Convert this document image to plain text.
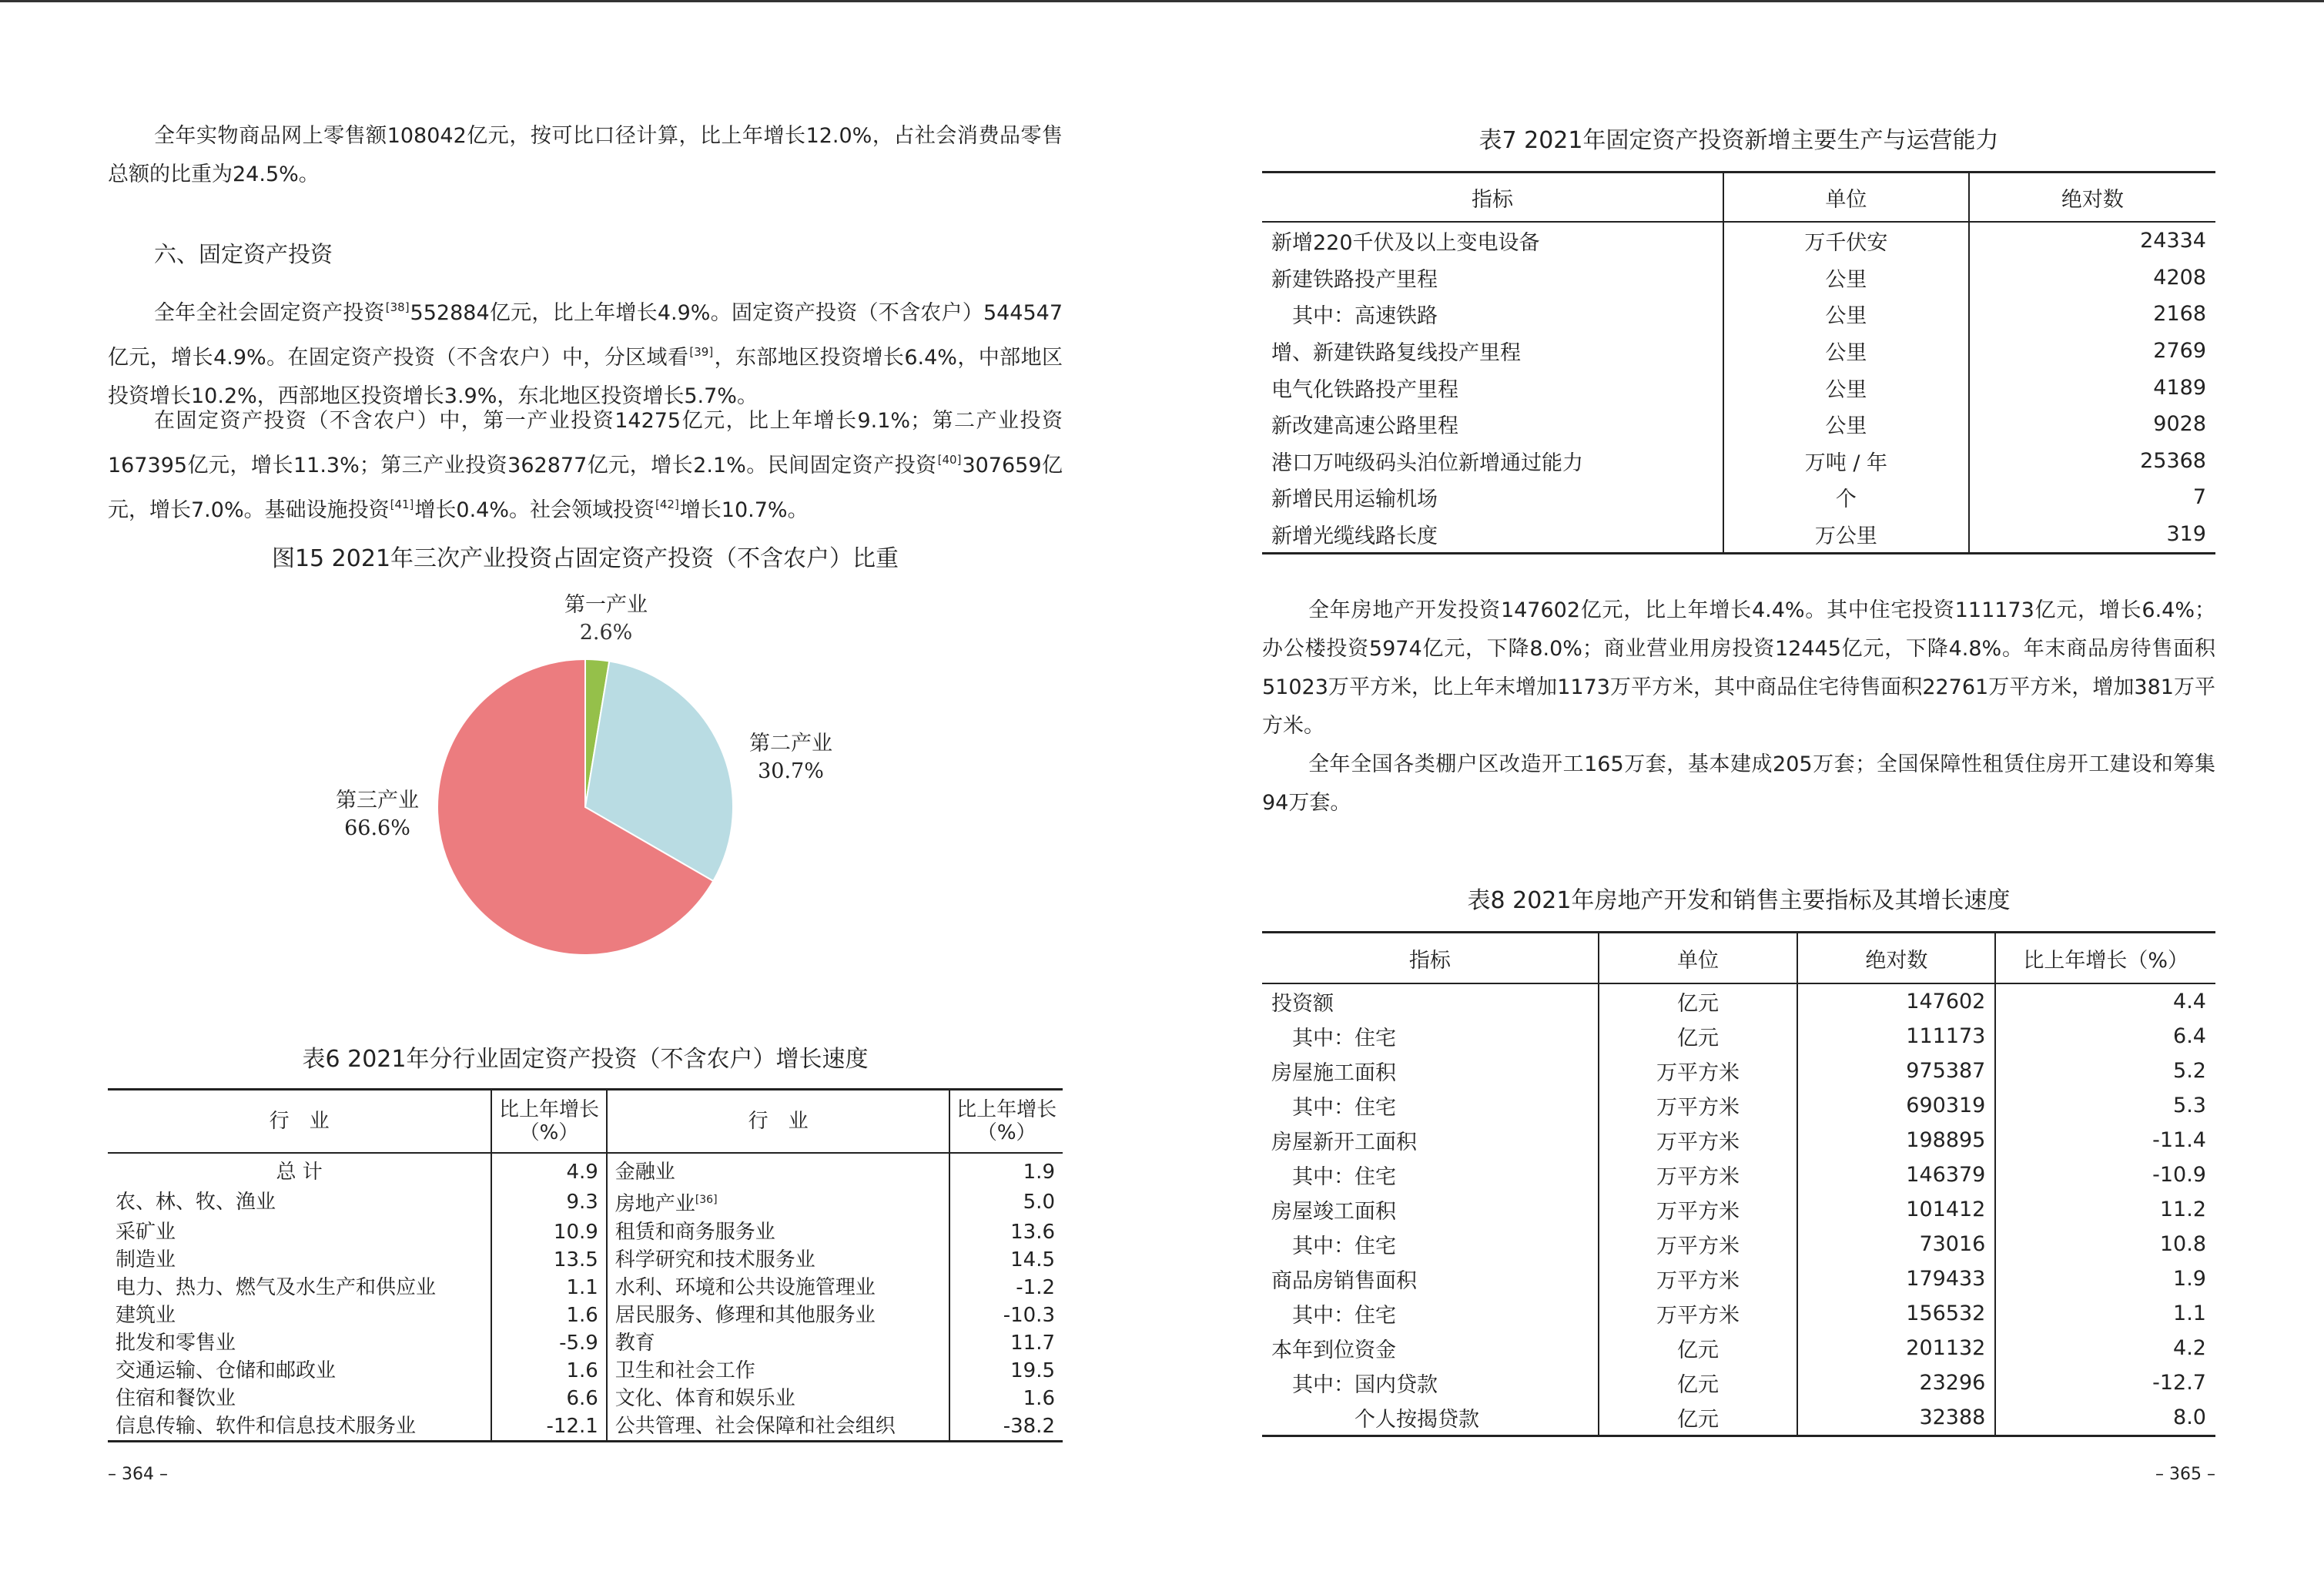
全年实物商品网上零售额108042亿元，按可比口径计算，比上年增长12.0%，占社会消费品零售总额的比重为24.5%。

六、固定资产投资

全年全社会固定资产投资[38]552884亿元，比上年增长4.9%。固定资产投资（不含农户）544547亿元，增长4.9%。在固定资产投资（不含农户）中，分区域看[39]，东部地区投资增长6.4%，中部地区投资增长10.2%，西部地区投资增长3.9%，东北地区投资增长5.7%。

在固定资产投资（不含农户）中，第一产业投资14275亿元，比上年增长9.1%；第二产业投资167395亿元，增长11.3%；第三产业投资362877亿元，增长2.1%。民间固定资产投资[40]307659亿元，增长7.0%。基础设施投资[41]增长0.4%。社会领域投资[42]增长10.7%。

图15 2021年三次产业投资占固定资产投资（不含农户）比重

第一产业
2.6%
第二产业
30.7%
第三产业
66.6%

表6 2021年分行业固定资产投资（不含农户）增长速度

行　业	比上年增长（%）	行　业	比上年增长（%）
总 计	4.9	金融业	1.9
农、林、牧、渔业	9.3	房地产业[36]	5.0
采矿业	10.9	租赁和商务服务业	13.6
制造业	13.5	科学研究和技术服务业	14.5
电力、热力、燃气及水生产和供应业	1.1	水利、环境和公共设施管理业	-1.2
建筑业	1.6	居民服务、修理和其他服务业	-10.3
批发和零售业	-5.9	教育	11.7
交通运输、仓储和邮政业	1.6	卫生和社会工作	19.5
住宿和餐饮业	6.6	文化、体育和娱乐业	1.6
信息传输、软件和信息技术服务业	-12.1	公共管理、社会保障和社会组织	-38.2
– 364 –

表7 2021年固定资产投资新增主要生产与运营能力

指标	单位	绝对数
新增220千伏及以上变电设备	万千伏安	24334
新建铁路投产里程	公里	4208
　其中：高速铁路	公里	2168
增、新建铁路复线投产里程	公里	2769
电气化铁路投产里程	公里	4189
新改建高速公路里程	公里	9028
港口万吨级码头泊位新增通过能力	万吨 / 年	25368
新增民用运输机场	个	7
新增光缆线路长度	万公里	319

全年房地产开发投资147602亿元，比上年增长4.4%。其中住宅投资111173亿元，增长6.4%；办公楼投资5974亿元，下降8.0%；商业营业用房投资12445亿元，下降4.8%。年末商品房待售面积51023万平方米，比上年末增加1173万平方米，其中商品住宅待售面积22761万平方米，增加381万平方米。

全年全国各类棚户区改造开工165万套，基本建成205万套；全国保障性租赁住房开工建设和筹集94万套。

表8 2021年房地产开发和销售主要指标及其增长速度

指标	单位	绝对数	比上年增长（%）
投资额	亿元	147602	4.4
　其中：住宅	亿元	111173	6.4
房屋施工面积	万平方米	975387	5.2
　其中：住宅	万平方米	690319	5.3
房屋新开工面积	万平方米	198895	-11.4
　其中：住宅	万平方米	146379	-10.9
房屋竣工面积	万平方米	101412	11.2
　其中：住宅	万平方米	73016	10.8
商品房销售面积	万平方米	179433	1.9
　其中：住宅	万平方米	156532	1.1
本年到位资金	亿元	201132	4.2
　其中：国内贷款	亿元	23296	-12.7
　　　　个人按揭贷款	亿元	32388	8.0
– 365 –
